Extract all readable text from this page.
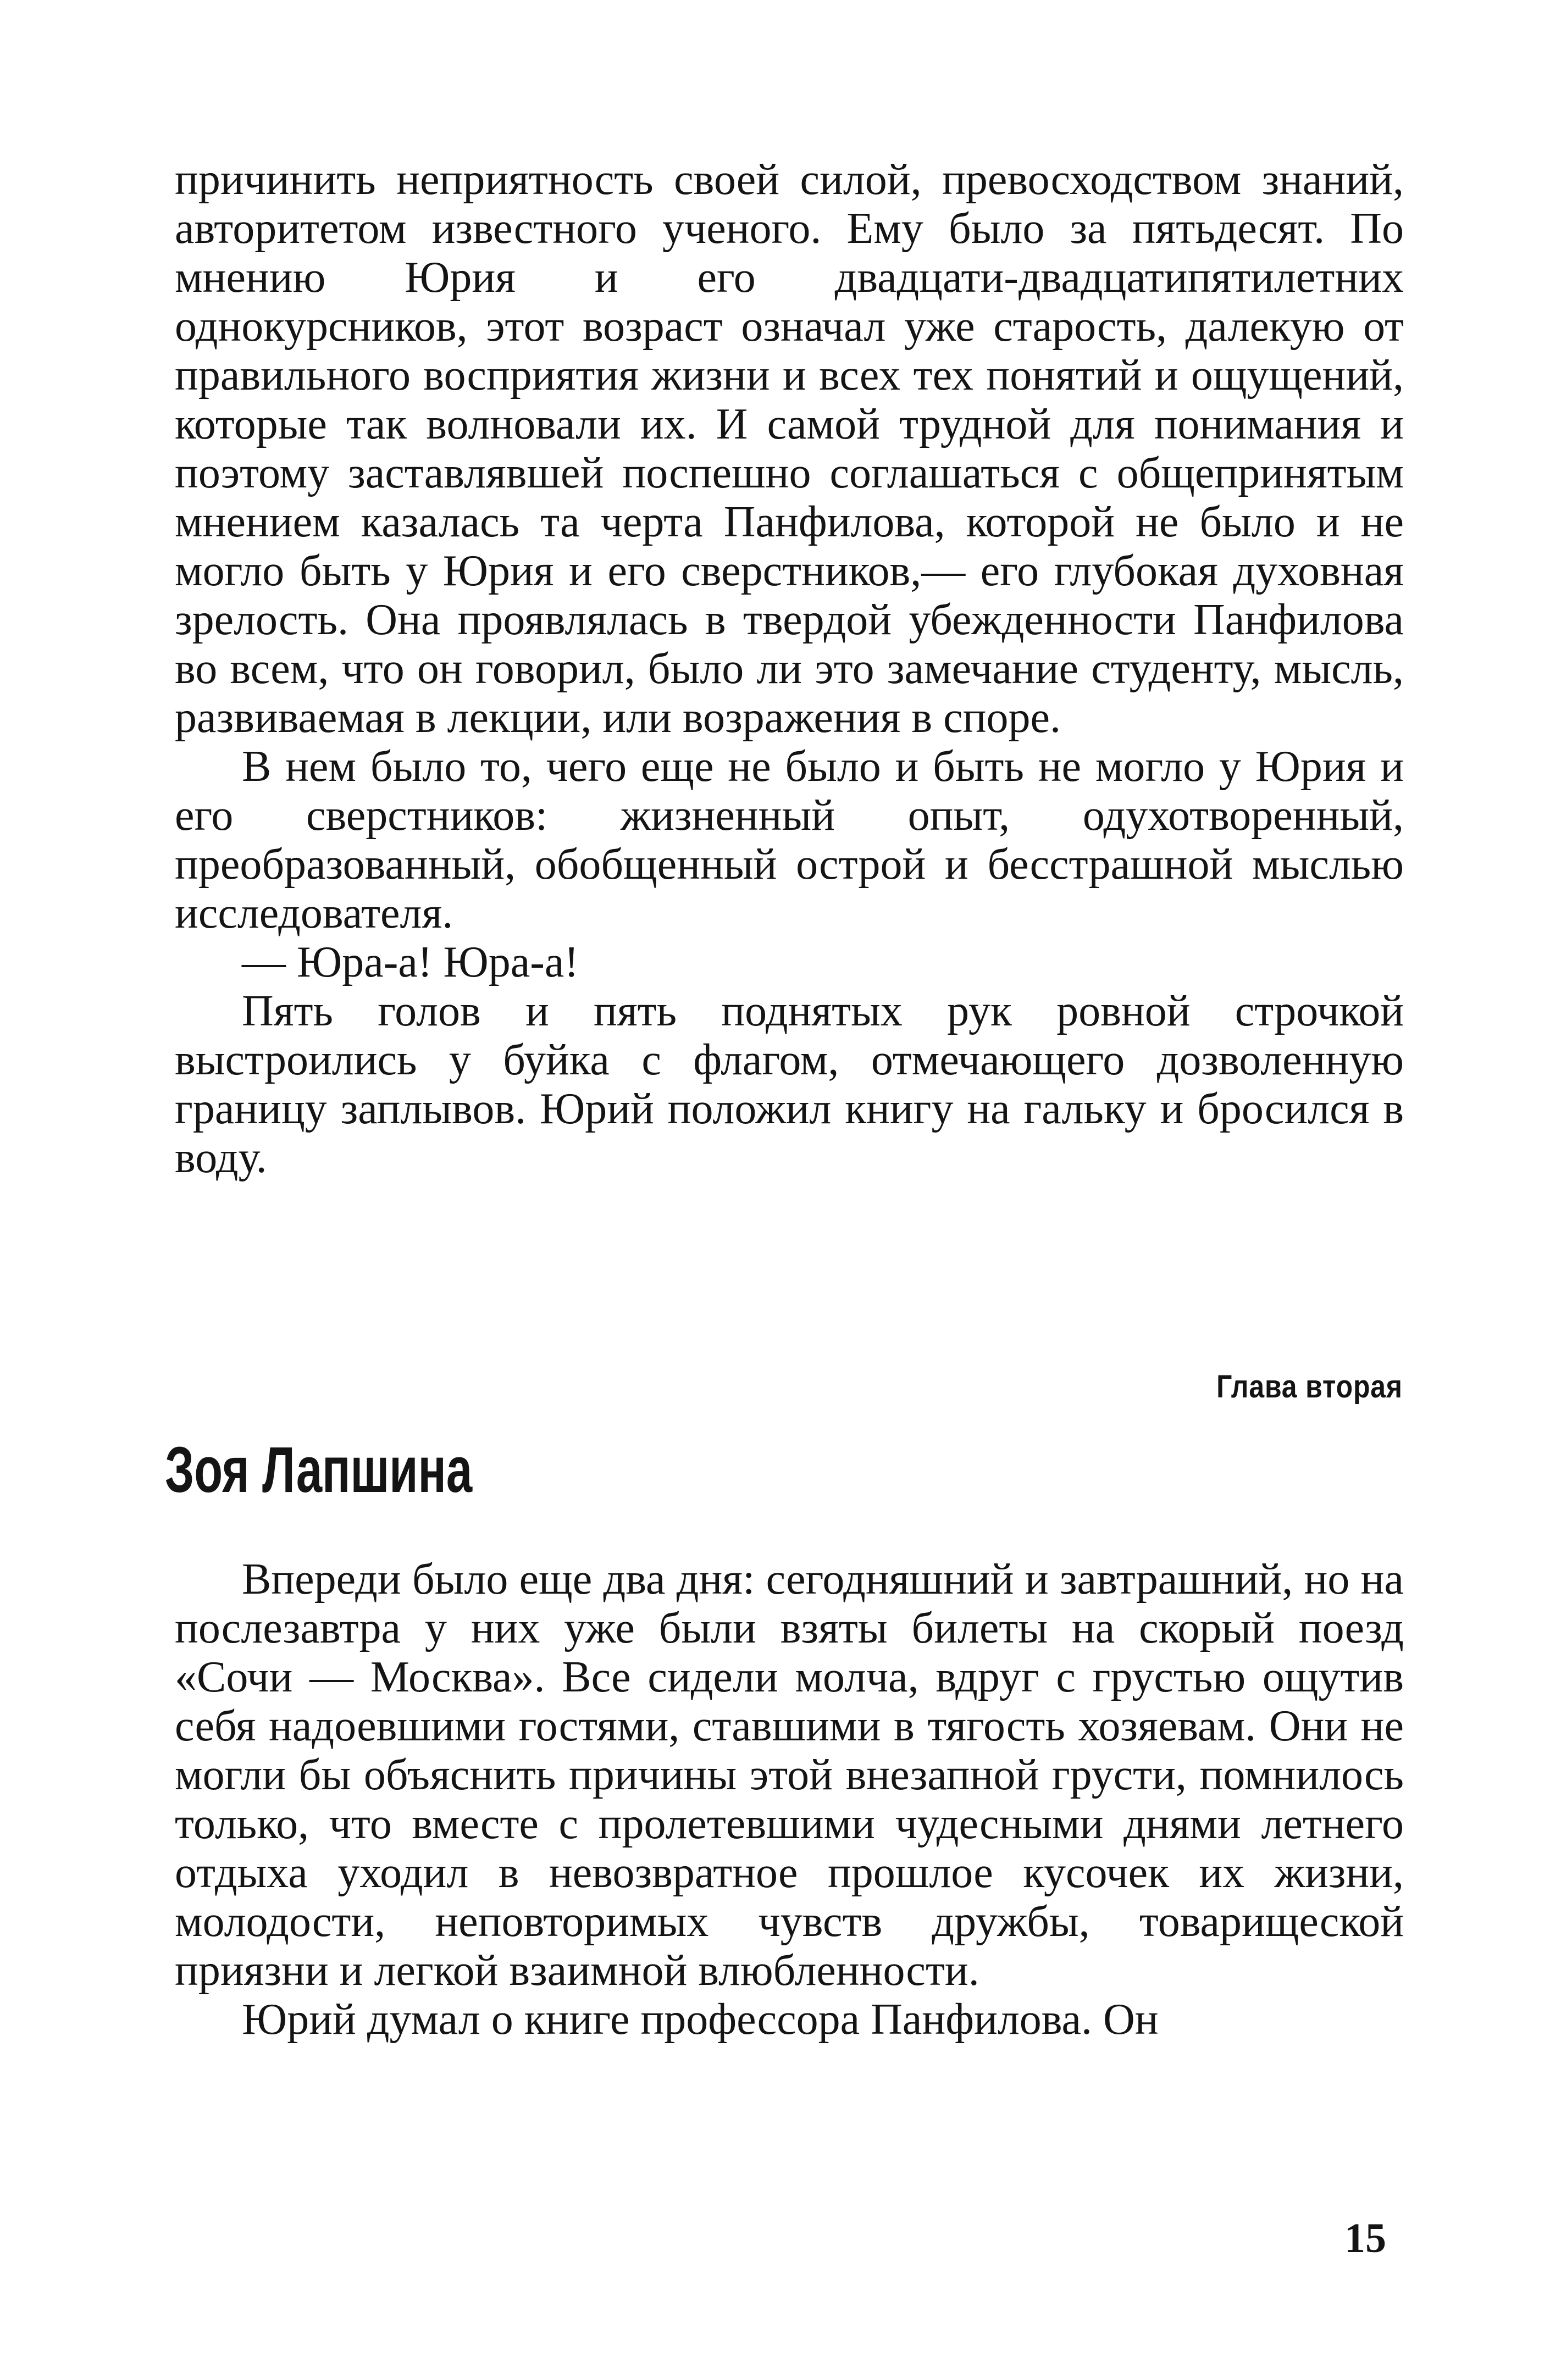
причинить неприятность своей силой, превосходством знаний, авторитетом известного ученого. Ему было за пятьдесят. По мнению Юрия и его двадцати-двадцатипятилетних однокурсников, этот возраст означал уже старость, далекую от правильного восприятия жизни и всех тех понятий и ощущений, которые так волновали их. И самой трудной для понимания и поэтому заставлявшей поспешно соглашаться с общепринятым мнением казалась та черта Панфилова, которой не было и не могло быть у Юрия и его сверстников,— его глубокая духовная зрелость. Она проявлялась в твердой убежденности Панфилова во всем, что он говорил, было ли это замечание студенту, мысль, развиваемая в лекции, или возражения в споре.

В нем было то, чего еще не было и быть не могло у Юрия и его сверстников: жизненный опыт, одухотворенный, преобразованный, обобщенный острой и бесстрашной мыслью исследователя.

— Юра-а! Юра-а!

Пять голов и пять поднятых рук ровной строчкой выстроились у буйка с флагом, отмечающего дозволенную границу заплывов. Юрий положил книгу на гальку и бросился в воду.

Глава вторая
Зоя Лапшина

Впереди было еще два дня: сегодняшний и завтрашний, но на послезавтра у них уже были взяты билеты на скорый поезд «Сочи — Москва». Все сидели молча, вдруг с грустью ощутив себя надоевшими гостями, ставшими в тягость хозяевам. Они не могли бы объяснить причины этой внезапной грусти, помнилось только, что вместе с пролетевшими чудесными днями летнего отдыха уходил в невозвратное прошлое кусочек их жизни, молодости, неповторимых чувств дружбы, товарищеской приязни и легкой взаимной влюбленности.

Юрий думал о книге профессора Панфилова. Он

15
